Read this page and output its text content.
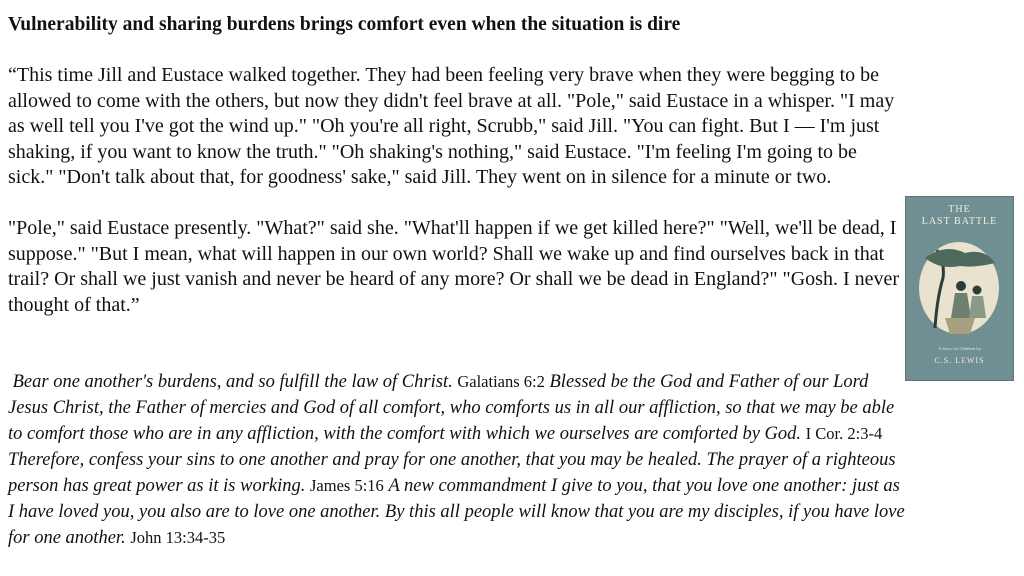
Vulnerability and sharing burdens brings comfort even when the situation is dire

“This time Jill and Eustace walked together. They had been feeling very brave when they were begging to be allowed to come with the others, but now they didn't feel brave at all. "Pole," said Eustace in a whisper. "I may as well tell you I've got the wind up." "Oh you're all right, Scrubb," said Jill. "You can fight. But I — I'm just shaking, if you want to know the truth." "Oh shaking's nothing," said Eustace. "I'm feeling I'm going to be sick." "Don't talk about that, for goodness' sake," said Jill. They went on in silence for a minute or two.

"Pole," said Eustace presently. "What?" said she. "What'll happen if we get killed here?" "Well, we'll be dead, I suppose." "But I mean, what will happen in our own world? Shall we wake up and find ourselves back in that trail? Or shall we just vanish and never be heard of any more? Or shall we be dead in England?" "Gosh. I never thought of that.”

Bear one another's burdens, and so fulfill the law of Christ. Galatians 6:2 Blessed be the God and Father of our Lord Jesus Christ, the Father of mercies and God of all comfort, who comforts us in all our affliction, so that we may be able to comfort those who are in any affliction, with the comfort with which we ourselves are comforted by God. I Cor. 2:3-4 Therefore, confess your sins to one another and pray for one another, that you may be healed. The prayer of a righteous person has great power as it is working. James 5:16 A new commandment I give to you, that you love one another: just as I have loved you, you also are to love one another. By this all people will know that you are my disciples, if you have love for one another. John 13:34-35

THE
LAST BATTLE
A Story for Children by
C.S. LEWIS
